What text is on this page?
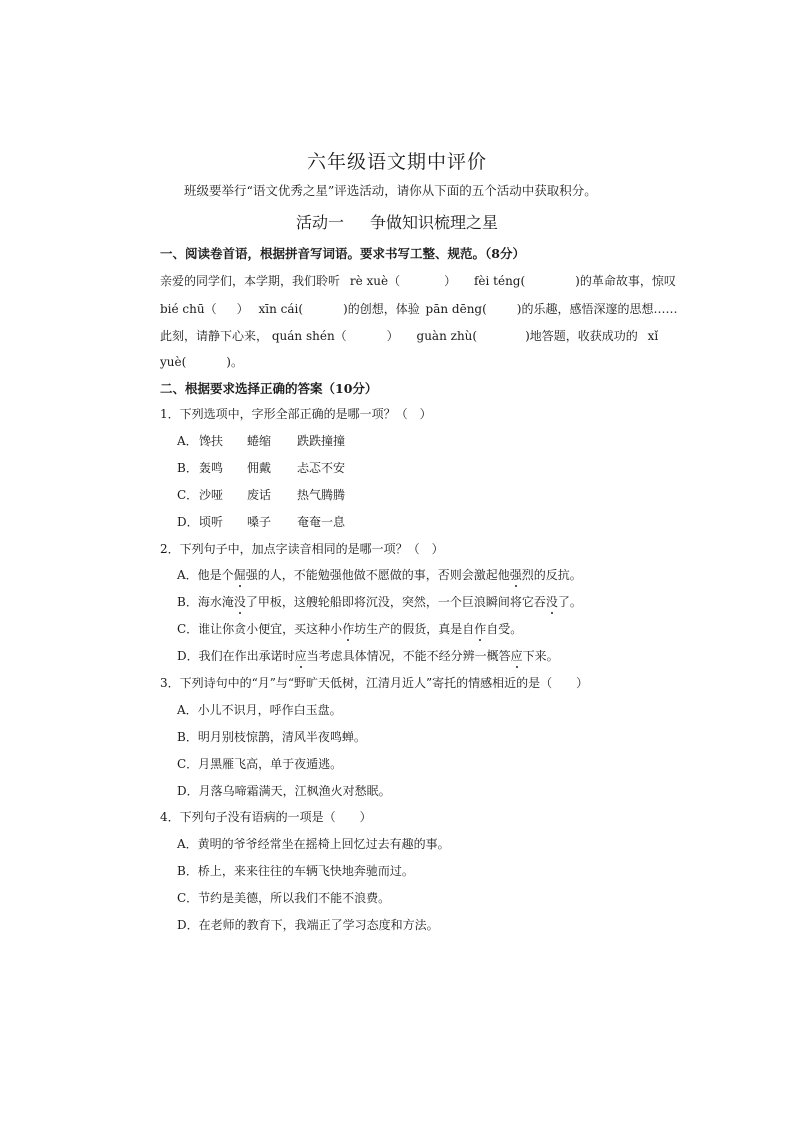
六年级语文期中评价
班级要举行“语文优秀之星”评选活动，请你从下面的五个活动中获取积分。
活动一 争做知识梳理之星
一、阅读卷首语，根据拼音写词语。要求书写工整、规范。（8分）
亲爱的同学们，本学期，我们聆听 rè xuè（	） fèi téng(	)的革命故事，惊叹
bié chū（ ） xīn cái(	)的创想，体验 pān dēng(	)的乐趣，感悟深邃的思想……
此刻，请静下心来， quán shén（	） guàn zhù(	)地答题，收获成功的 xǐ
yuè(	)。
二、根据要求选择正确的答案（10分）
1．下列选项中，字形全部正确的是哪一项？（　）
A．馋扶 蜷缩 跌跌撞撞
B．轰鸣 佣戴 忐忑不安
C．沙哑 废话 热气腾腾
D．顷听 嗓子 奄奄一息
2．下列句子中，加点字读音相同的是哪一项？（　）
A．他是个倔强的人，不能勉强他做不愿做的事，否则会激起他强烈的反抗。
B．海水淹没了甲板，这艘轮船即将沉没，突然，一个巨浪瞬间将它吞没了。
C．谁让你贪小便宜，买这种小作坊生产的假货，真是自作自受。
D．我们在作出承诺时应当考虑具体情况，不能不经分辨一概答应下来。
3．下列诗句中的“月”与“野旷天低树，江清月近人”寄托的情感相近的是（　　）
A．小儿不识月，呼作白玉盘。
B．明月别枝惊鹊，清风半夜鸣蝉。
C．月黑雁飞高，单于夜遁逃。
D．月落乌啼霜满天，江枫渔火对愁眠。
4．下列句子没有语病的一项是（　　）
A．黄明的爷爷经常坐在摇椅上回忆过去有趣的事。
B．桥上，来来往往的车辆飞快地奔驰而过。
C．节约是美德，所以我们不能不浪费。
D．在老师的教育下，我端正了学习态度和方法。
